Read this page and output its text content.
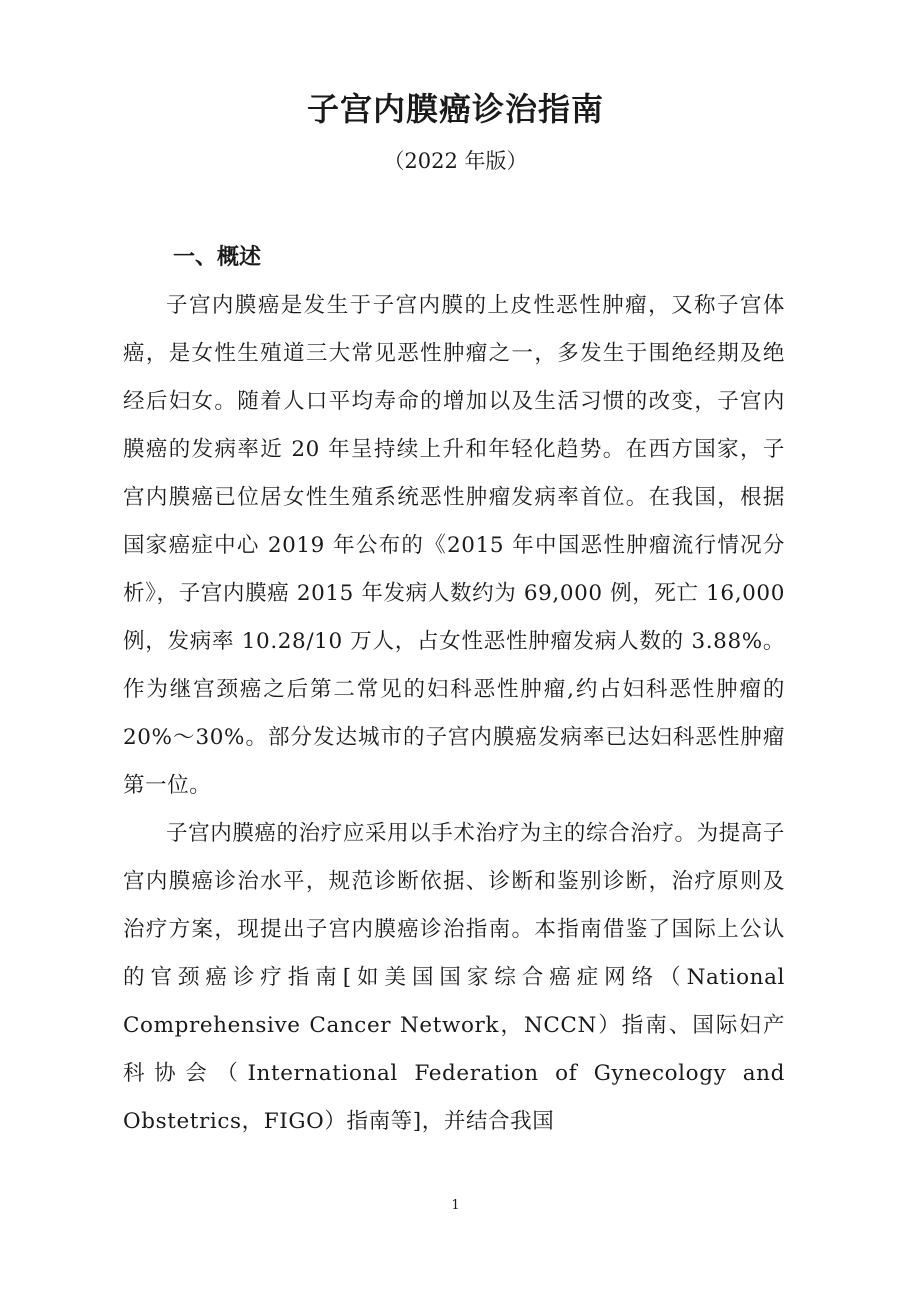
子宫内膜癌诊治指南

（2022 年版）

一、概述

子宫内膜癌是发生于子宫内膜的上皮性恶性肿瘤，又称子宫体癌，是女性生殖道三大常见恶性肿瘤之一，多发生于围绝经期及绝经后妇女。随着人口平均寿命的增加以及生活习惯的改变，子宫内膜癌的发病率近 20 年呈持续上升和年轻化趋势。在西方国家，子宫内膜癌已位居女性生殖系统恶性肿瘤发病率首位。在我国，根据国家癌症中心 2019 年公布的《2015 年中国恶性肿瘤流行情况分析》，子宫内膜癌 2015 年发病人数约为 69,000 例，死亡 16,000 例，发病率 10.28/10 万人，占女性恶性肿瘤发病人数的 3.88%。作为继宫颈癌之后第二常见的妇科恶性肿瘤,约占妇科恶性肿瘤的 20%～30%。部分发达城市的子宫内膜癌发病率已达妇科恶性肿瘤第一位。

子宫内膜癌的治疗应采用以手术治疗为主的综合治疗。为提高子宫内膜癌诊治水平，规范诊断依据、诊断和鉴别诊断，治疗原则及治疗方案，现提出子宫内膜癌诊治指南。本指南借鉴了国际上公认的官颈癌诊疗指南[如美国国家综合癌症网络（National Comprehensive Cancer Network，NCCN）指南、国际妇产科协会（International Federation of Gynecology and Obstetrics，FIGO）指南等]，并结合我国

1
